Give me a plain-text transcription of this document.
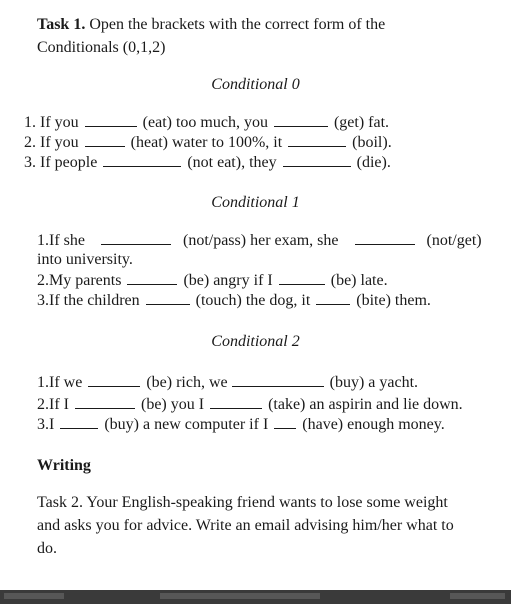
Task 1. Open the brackets with the correct form of the
Conditionals (0,1,2)
Conditional 0
1. If you	(eat) too much, you	(get) fat.
2. If you	(heat) water to 100%, it	(boil).
3. If people	(not eat), they	(die).
Conditional 1
1.If she	(not/pass) her exam, she	(not/get)
into university.
2.My parents	(be) angry if I	(be) late.
3.If the children	(touch) the dog, it	(bite) them.
Conditional 2
1.If we	(be) rich, we	(buy) a yacht.
2.If I	(be) you I	(take) an aspirin and lie down.
3.I	(buy) a new computer if I (have) enough money.
Writing
Task 2. Your English-speaking friend wants to lose some weight
and asks you for advice. Write an email advising him/her what to
do.
